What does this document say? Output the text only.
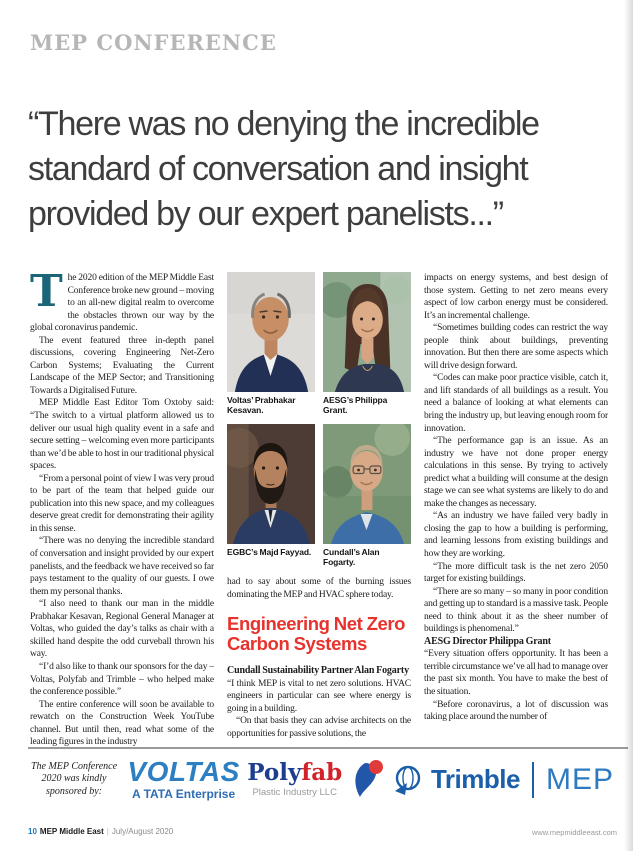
MEP CONFERENCE
“There was no denying the incredible
standard of conversation and insight
provided by our expert panelists...”

The 2020 edition of the MEP Middle East Conference broke new ground – moving to an all-new digital realm to overcome the obstacles thrown our way by the global coronavirus pandemic.

The event featured three in-depth panel discussions, covering Engineering Net-Zero Carbon Systems; Evaluating the Current Landscape of the MEP Sector; and Transitioning Towards a Digitalised Future.

MEP Middle East Editor Tom Oxtoby said: “The switch to a virtual platform allowed us to deliver our usual high quality event in a safe and secure setting – welcoming even more participants than we’d be able to host in our traditional physical spaces.

“From a personal point of view I was very proud to be part of the team that helped guide our publication into this new space, and my colleagues deserve great credit for demonstrating their agility in this sense.

“There was no denying the incredible standard of conversation and insight provided by our expert panelists, and the feedback we have received so far pays testament to the quality of our guests. I owe them my personal thanks.

“I also need to thank our man in the middle Prabhakar Kesavan, Regional General Manager at Voltas, who guided the day’s talks as chair with a skilled hand despite the odd curveball thrown his way.

“I’d also like to thank our sponsors for the day – Voltas, Polyfab and Trimble – who helped make the conference possible.”

The entire conference will soon be available to rewatch on the Construction Week YouTube channel. But until then, read what some of the leading figures in the industry

Voltas’ Prabhakar Kesavan.
AESG’s Philippa Grant.
EGBC’s Majd Fayyad.	Cundall’s Alan Fogarty.

had to say about some of the burning issues dominating the MEP and HVAC sphere today.

Engineering Net Zero Carbon Systems

Cundall Sustainability Partner Alan Fogarty

“I think MEP is vital to net zero solutions. HVAC engineers in particular can see where energy is going in a building.

“On that basis they can advise architects on the opportunities for passive solutions, the

impacts on energy systems, and best design of those system. Getting to net zero means every aspect of low carbon energy must be considered. It’s an incremental challenge.

“Sometimes building codes can restrict the way people think about buildings, preventing innovation. But then there are some aspects which will drive design forward.

“Codes can make poor practice visible, catch it, and lift standards of all buildings as a result. You need a balance of looking at what elements can bring the industry up, but leaving enough room for innovation.

“The performance gap is an issue. As an industry we have not done proper energy calculations in this sense. By trying to actively predict what a building will consume at the design stage we can see what systems are likely to do and make the changes as necessary.

“As an industry we have failed very badly in closing the gap to how a building is performing, and learning lessons from existing buildings and how they are working.

“The more difficult task is the net zero 2050 target for existing buildings.

“There are so many – so many in poor condition and getting up to standard is a massive task. People need to think about it as the sheer number of buildings is phenomenal.”

AESG Director Philippa Grant

“Every situation offers opportunity. It has been a terrible circumstance we’ve all had to manage over the past six month. You have to make the best of the situation.

“Before coronavirus, a lot of discussion was taking place around the number of

The MEP Conference 2020 was kindly sponsored by:
VOLTAS
A TATA Enterprise
Polyfab
Plastic Industry LLC	Trimble MEP
10 MEP Middle East | July/August 2020	www.mepmiddleeast.com
